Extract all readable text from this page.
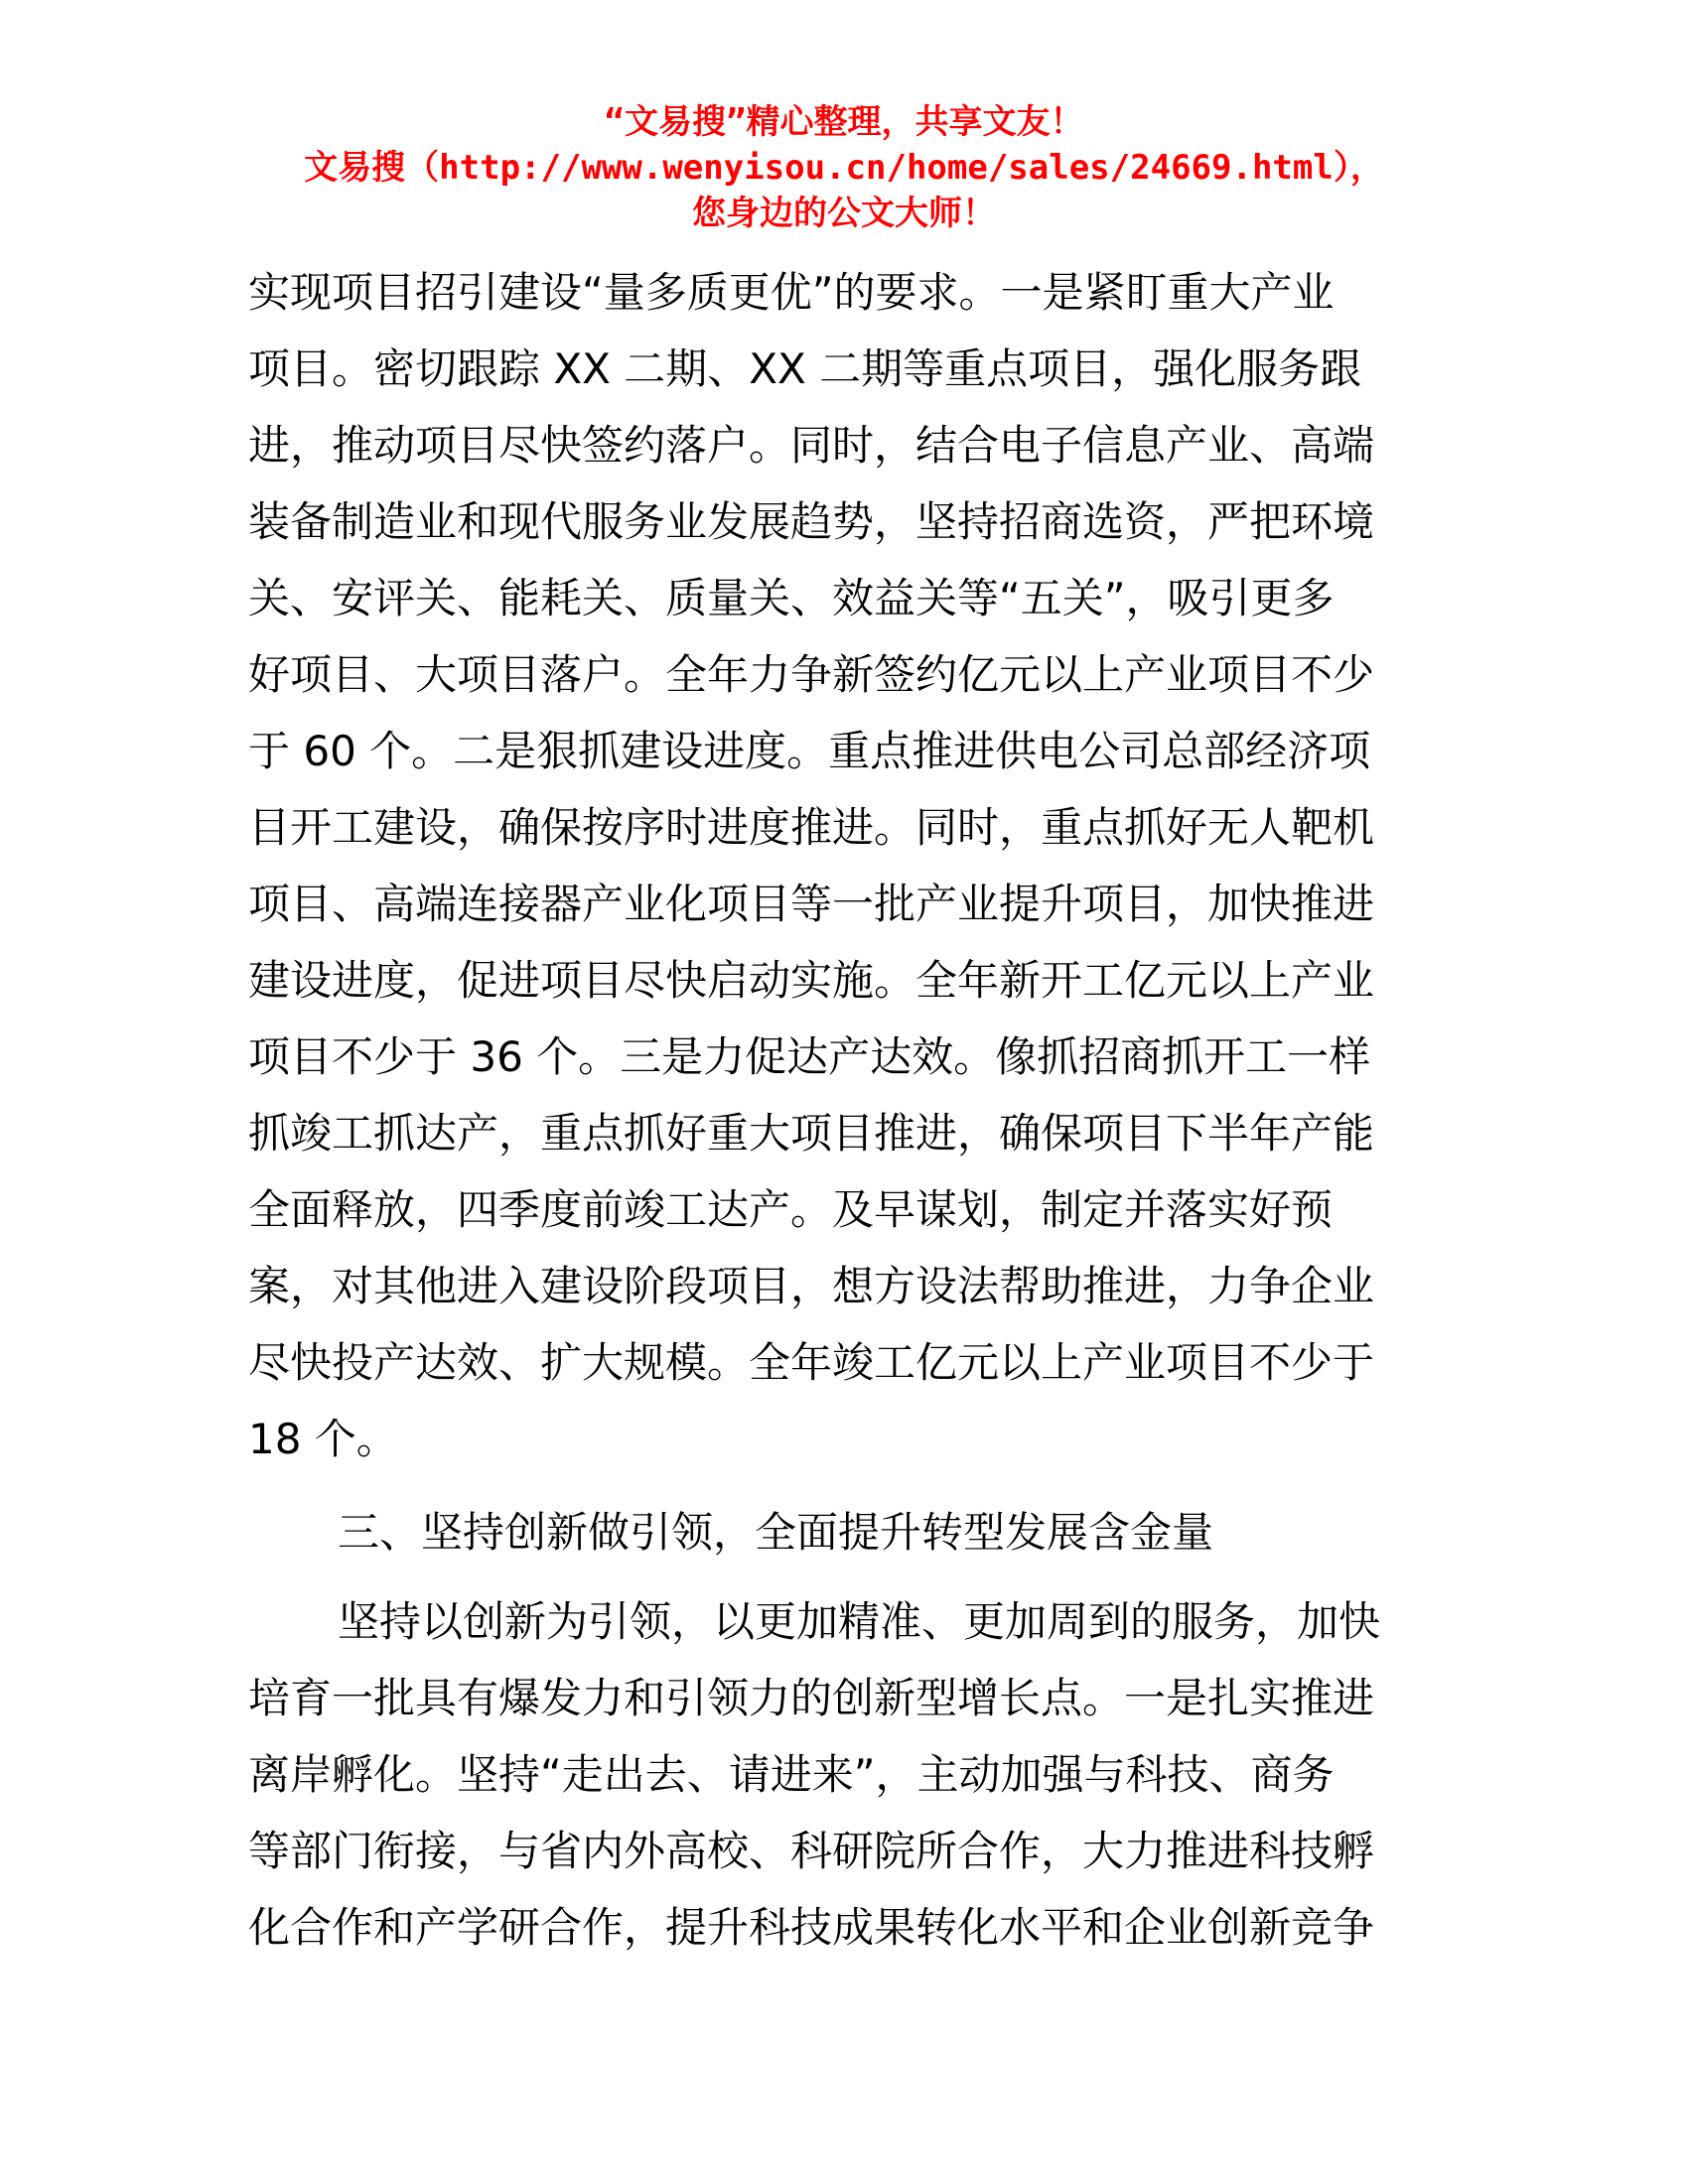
“文易搜”精心整理，共享文友！
文易搜（http://www.wenyisou.cn/home/sales/24669.html），
您身边的公文大师！
实现项目招引建设“量多质更优”的要求。一是紧盯重大产业
项目。密切跟踪 XX 二期、XX 二期等重点项目，强化服务跟
进，推动项目尽快签约落户。同时，结合电子信息产业、高端
装备制造业和现代服务业发展趋势，坚持招商选资，严把环境
关、安评关、能耗关、质量关、效益关等“五关”，吸引更多
好项目、大项目落户。全年力争新签约亿元以上产业项目不少
于 60 个。二是狠抓建设进度。重点推进供电公司总部经济项
目开工建设，确保按序时进度推进。同时，重点抓好无人靶机
项目、高端连接器产业化项目等一批产业提升项目，加快推进
建设进度，促进项目尽快启动实施。全年新开工亿元以上产业
项目不少于 36 个。三是力促达产达效。像抓招商抓开工一样
抓竣工抓达产，重点抓好重大项目推进，确保项目下半年产能
全面释放，四季度前竣工达产。及早谋划，制定并落实好预
案，对其他进入建设阶段项目，想方设法帮助推进，力争企业
尽快投产达效、扩大规模。全年竣工亿元以上产业项目不少于
18 个。
三、坚持创新做引领，全面提升转型发展含金量
坚持以创新为引领，以更加精准、更加周到的服务，加快
培育一批具有爆发力和引领力的创新型增长点。一是扎实推进
离岸孵化。坚持“走出去、请进来”，主动加强与科技、商务
等部门衔接，与省内外高校、科研院所合作，大力推进科技孵
化合作和产学研合作，提升科技成果转化水平和企业创新竞争
